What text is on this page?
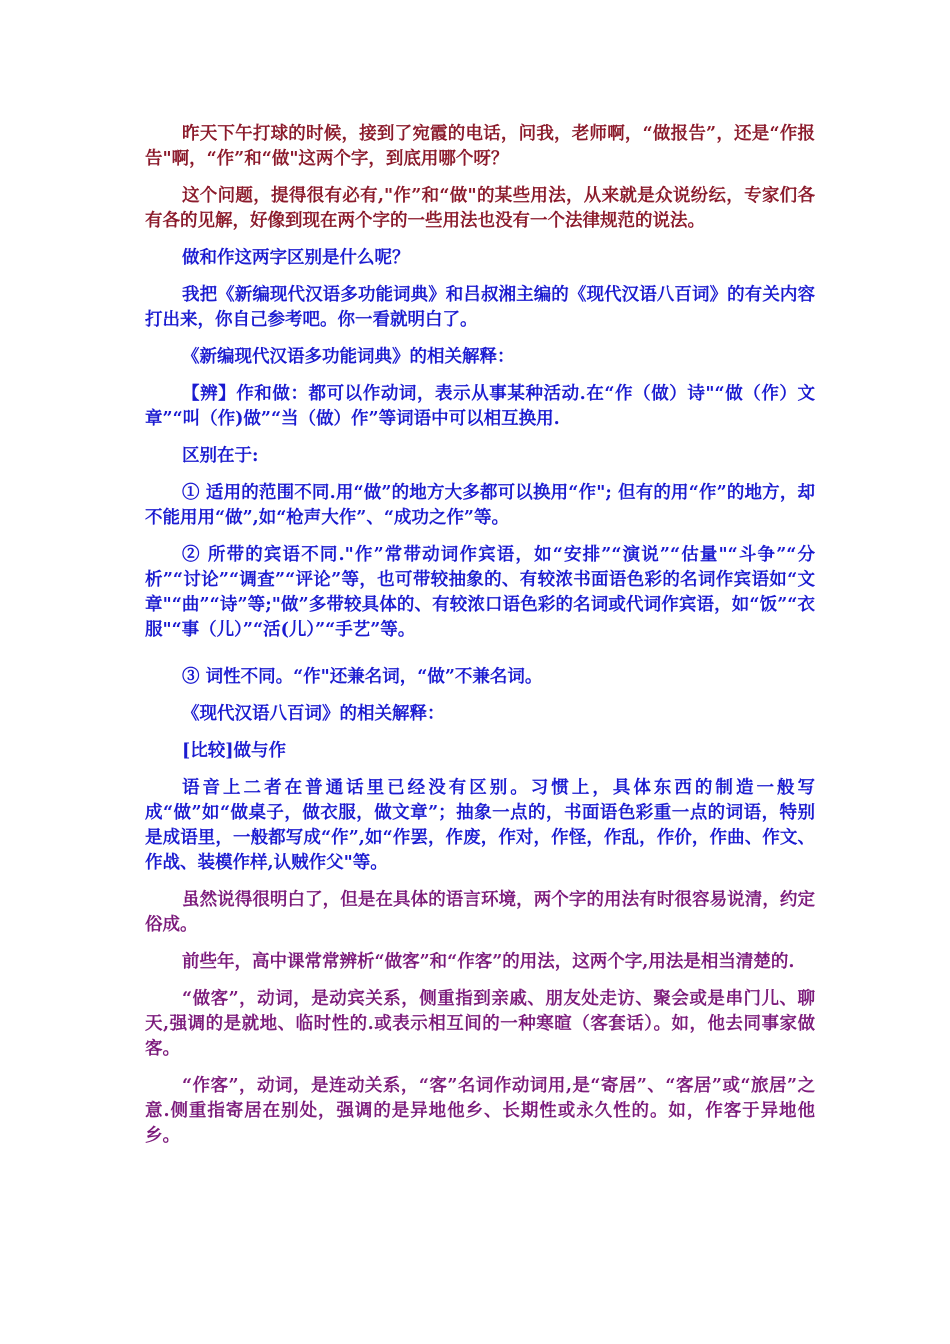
昨天下午打球的时候，接到了宛霞的电话，问我，老师啊，“做报告”，还是“作报告"啊，“作”和“做"这两个字，到底用哪个呀？

这个问题，提得很有必有,"作”和“做"的某些用法，从来就是众说纷纭，专家们各有各的见解，好像到现在两个字的一些用法也没有一个法律规范的说法。

做和作这两字区别是什么呢？

我把《新编现代汉语多功能词典》和吕叔湘主编的《现代汉语八百词》的有关内容打出来，你自己参考吧。你一看就明白了。

《新编现代汉语多功能词典》的相关解释：

【辨】作和做：都可以作动词，表示从事某种活动.在“作（做）诗"“做（作）文章”“叫（作)做”“当（做）作”等词语中可以相互换用.

区别在于:

① 适用的范围不同.用“做”的地方大多都可以换用“作"; 但有的用“作”的地方，却不能用用“做”,如“枪声大作”、“成功之作”等。

② 所带的宾语不同."作”常带动词作宾语，如“安排”“演说”“估量"“斗争”“分析”“讨论”“调查”“评论”等，也可带较抽象的、有较浓书面语色彩的名词作宾语如“文章"“曲”“诗”等;"做”多带较具体的、有较浓口语色彩的名词或代词作宾语，如“饭”“衣服"“事（儿）”“活(儿）”“手艺”等。

③ 词性不同。“作"还兼名词，“做”不兼名词。

《现代汉语八百词》的相关解释：

[比较]做与作

语音上二者在普通话里已经没有区别。习惯上，具体东西的制造一般写成“做”如“做桌子，做衣服，做文章”；抽象一点的，书面语色彩重一点的词语，特别是成语里，一般都写成“作”,如“作罢，作废，作对，作怪，作乱，作价，作曲、作文、作战、装模作样,认贼作父"等。

虽然说得很明白了，但是在具体的语言环境，两个字的用法有时很容易说清，约定俗成。

前些年，高中课常常辨析“做客”和“作客”的用法，这两个字,用法是相当清楚的.

“做客”，动词，是动宾关系，侧重指到亲戚、朋友处走访、聚会或是串门儿、聊天,强调的是就地、临时性的.或表示相互间的一种寒暄（客套话）。如，他去同事家做客。

“作客”，动词，是连动关系，“客”名词作动词用,是“寄居”、“客居”或“旅居”之意.侧重指寄居在别处，强调的是异地他乡、长期性或永久性的。如，作客于异地他乡。
